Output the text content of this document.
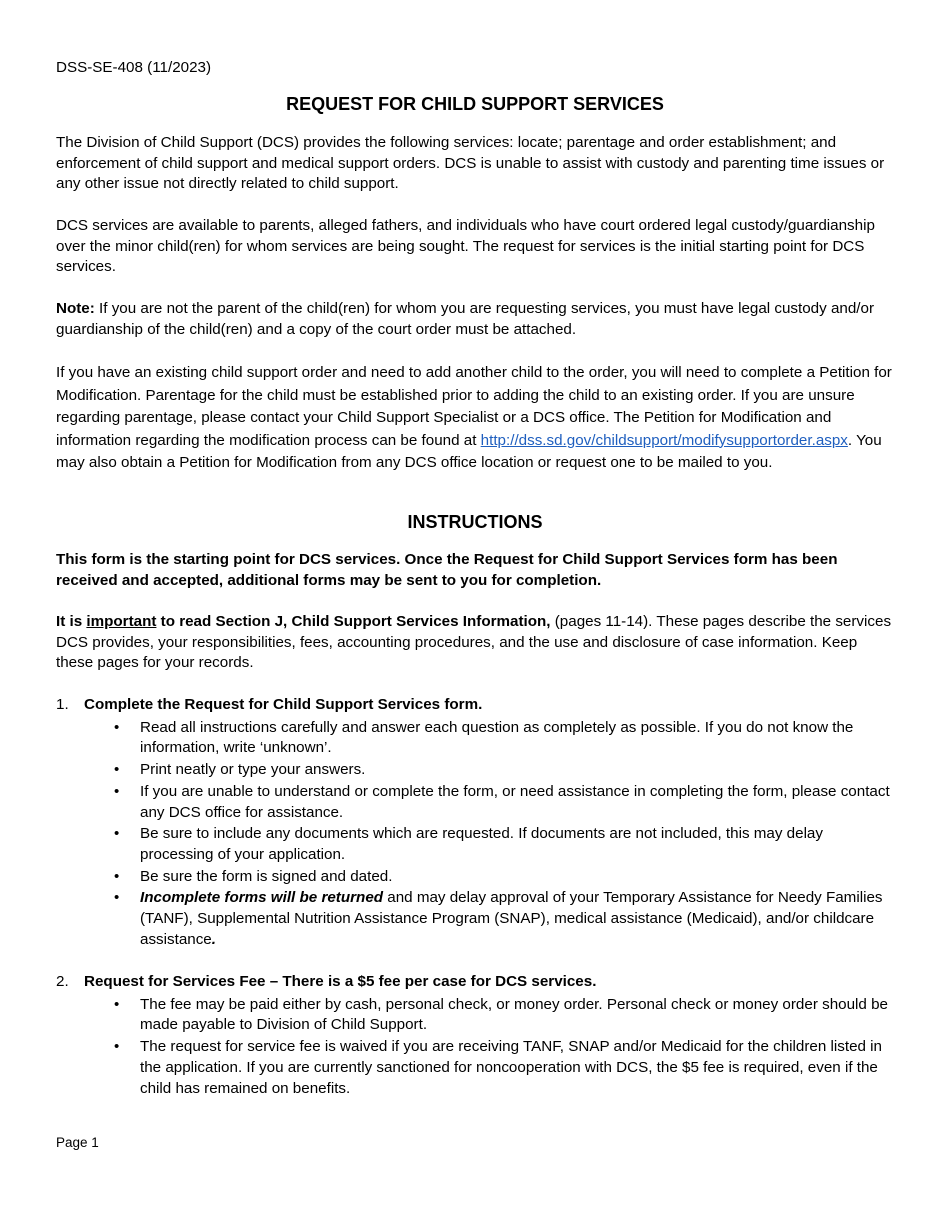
DSS-SE-408 (11/2023)

REQUEST FOR CHILD SUPPORT SERVICES

The Division of Child Support (DCS) provides the following services: locate; parentage and order establishment; and enforcement of child support and medical support orders. DCS is unable to assist with custody and parenting time issues or any other issue not directly related to child support.

DCS services are available to parents, alleged fathers, and individuals who have court ordered legal custody/guardianship over the minor child(ren) for whom services are being sought. The request for services is the initial starting point for DCS services.

Note: If you are not the parent of the child(ren) for whom you are requesting services, you must have legal custody and/or guardianship of the child(ren) and a copy of the court order must be attached.

If you have an existing child support order and need to add another child to the order, you will need to complete a Petition for Modification. Parentage for the child must be established prior to adding the child to an existing order. If you are unsure regarding parentage, please contact your Child Support Specialist or a DCS office. The Petition for Modification and information regarding the modification process can be found at http://dss.sd.gov/childsupport/modifysupportorder.aspx. You may also obtain a Petition for Modification from any DCS office location or request one to be mailed to you.

INSTRUCTIONS

This form is the starting point for DCS services. Once the Request for Child Support Services form has been received and accepted, additional forms may be sent to you for completion.

It is important to read Section J, Child Support Services Information, (pages 11-14). These pages describe the services DCS provides, your responsibilities, fees, accounting procedures, and the use and disclosure of case information. Keep these pages for your records.

1.	Complete the Request for Child Support Services form.

• Read all instructions carefully and answer each question as completely as possible. If you do not know the information, write ‘unknown’.
• Print neatly or type your answers.
• If you are unable to understand or complete the form, or need assistance in completing the form, please contact any DCS office for assistance.
• Be sure to include any documents which are requested. If documents are not included, this may delay processing of your application.
• Be sure the form is signed and dated.
• Incomplete forms will be returned and may delay approval of your Temporary Assistance for Needy Families (TANF), Supplemental Nutrition Assistance Program (SNAP), medical assistance (Medicaid), and/or childcare assistance.

2.	Request for Services Fee – There is a $5 fee per case for DCS services.

• The fee may be paid either by cash, personal check, or money order. Personal check or money order should be made payable to Division of Child Support.
• The request for service fee is waived if you are receiving TANF, SNAP and/or Medicaid for the children listed in the application. If you are currently sanctioned for noncooperation with DCS, the $5 fee is required, even if the child has remained on benefits.

Page 1
